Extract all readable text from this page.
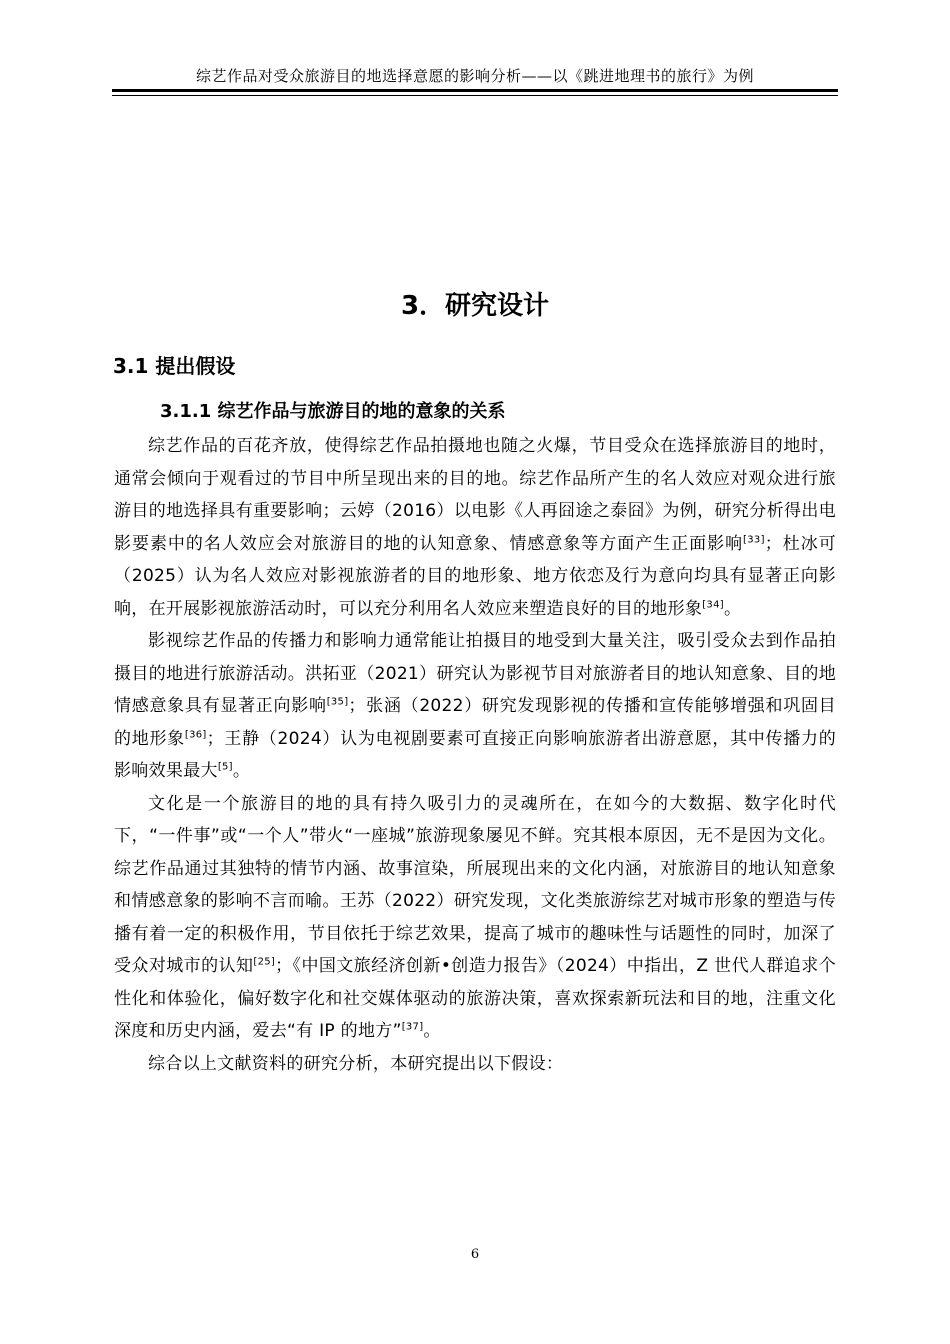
综艺作品对受众旅游目的地选择意愿的影响分析——以《跳进地理书的旅行》为例
3．研究设计
3.1 提出假设
3.1.1 综艺作品与旅游目的地的意象的关系

综艺作品的百花齐放，使得综艺作品拍摄地也随之火爆，节目受众在选择旅游目的地时，通常会倾向于观看过的节目中所呈现出来的目的地。综艺作品所产生的名人效应对观众进行旅游目的地选择具有重要影响；云婷（2016）以电影《人再囧途之泰囧》为例，研究分析得出电影要素中的名人效应会对旅游目的地的认知意象、情感意象等方面产生正面影响[33]；杜冰可（2025）认为名人效应对影视旅游者的目的地形象、地方依恋及行为意向均具有显著正向影响，在开展影视旅游活动时，可以充分利用名人效应来塑造良好的目的地形象[34]。

影视综艺作品的传播力和影响力通常能让拍摄目的地受到大量关注，吸引受众去到作品拍摄目的地进行旅游活动。洪拓亚（2021）研究认为影视节目对旅游者目的地认知意象、目的地情感意象具有显著正向影响[35]；张涵（2022）研究发现影视的传播和宣传能够增强和巩固目的地形象[36]；王静（2024）认为电视剧要素可直接正向影响旅游者出游意愿，其中传播力的影响效果最大[5]。

文化是一个旅游目的地的具有持久吸引力的灵魂所在，在如今的大数据、数字化时代下，“一件事”或“一个人”带火“一座城”旅游现象屡见不鲜。究其根本原因，无不是因为文化。综艺作品通过其独特的情节内涵、故事渲染，所展现出来的文化内涵，对旅游目的地认知意象和情感意象的影响不言而喻。王苏（2022）研究发现，文化类旅游综艺对城市形象的塑造与传播有着一定的积极作用，节目依托于综艺效果，提高了城市的趣味性与话题性的同时，加深了受众对城市的认知[25]；《中国文旅经济创新•创造力报告》（2024）中指出，Z 世代人群追求个性化和体验化，偏好数字化和社交媒体驱动的旅游决策，喜欢探索新玩法和目的地，注重文化深度和历史内涵，爱去“有 IP 的地方”[37]。

综合以上文献资料的研究分析，本研究提出以下假设：

6
